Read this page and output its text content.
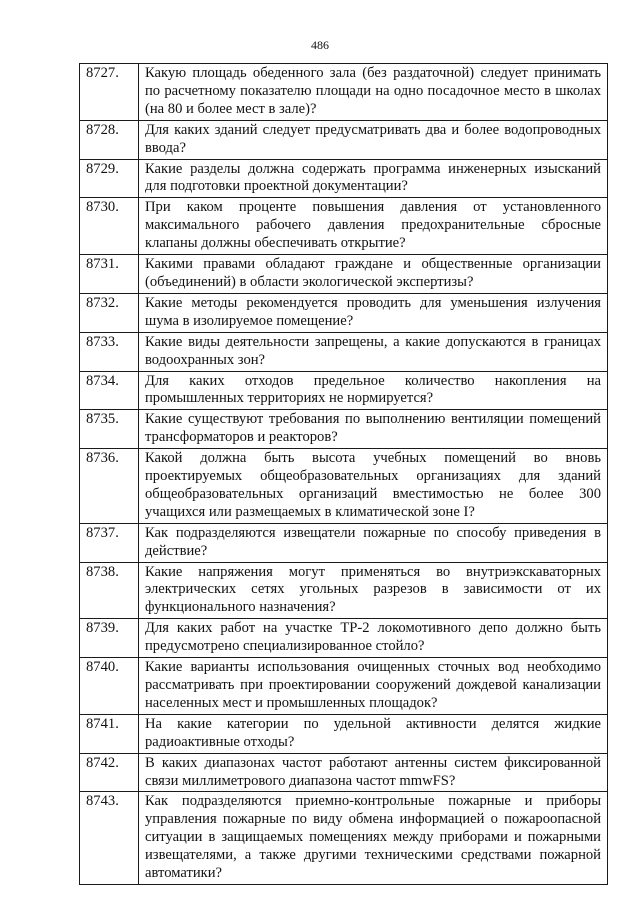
486
8727.	Какую площадь обеденного зала (без раздаточной) следует принимать по расчетному показателю площади на одно посадочное место в школах (на 80 и более мест в зале)?
8728.	Для каких зданий следует предусматривать два и более водопроводных ввода?
8729.	Какие разделы должна содержать программа инженерных изысканий для подготовки проектной документации?
8730.	При каком проценте повышения давления от установленного максимального рабочего давления предохранительные сбросные клапаны должны обеспечивать открытие?
8731.	Какими правами обладают граждане и общественные организации (объединений) в области экологической экспертизы?
8732.	Какие методы рекомендуется проводить для уменьшения излучения шума в изолируемое помещение?
8733.	Какие виды деятельности запрещены, а какие допускаются в границах водоохранных зон?
8734.	Для каких отходов предельное количество накопления на промышленных территориях не нормируется?
8735.	Какие существуют требования по выполнению вентиляции помещений трансформаторов и реакторов?
8736.	Какой должна быть высота учебных помещений во вновь проектируемых общеобразовательных организациях для зданий общеобразовательных организаций вместимостью не более 300 учащихся или размещаемых в климатической зоне I?
8737.	Как подразделяются извещатели пожарные по способу приведения в действие?
8738.	Какие напряжения могут применяться во внутриэкскаваторных электрических сетях угольных разрезов в зависимости от их функционального назначения?
8739.	Для каких работ на участке ТР-2 локомотивного депо должно быть предусмотрено специализированное стойло?
8740.	Какие варианты использования очищенных сточных вод необходимо рассматривать при проектировании сооружений дождевой канализации населенных мест и промышленных площадок?
8741.	На какие категории по удельной активности делятся жидкие радиоактивные отходы?
8742.	В каких диапазонах частот работают антенны систем фиксированной связи миллиметрового диапазона частот mmwFS?
8743.	Как подразделяются приемно-контрольные пожарные и приборы управления пожарные по виду обмена информацией о пожароопасной ситуации в защищаемых помещениях между приборами и пожарными извещателями, а также другими техническими средствами пожарной автоматики?
